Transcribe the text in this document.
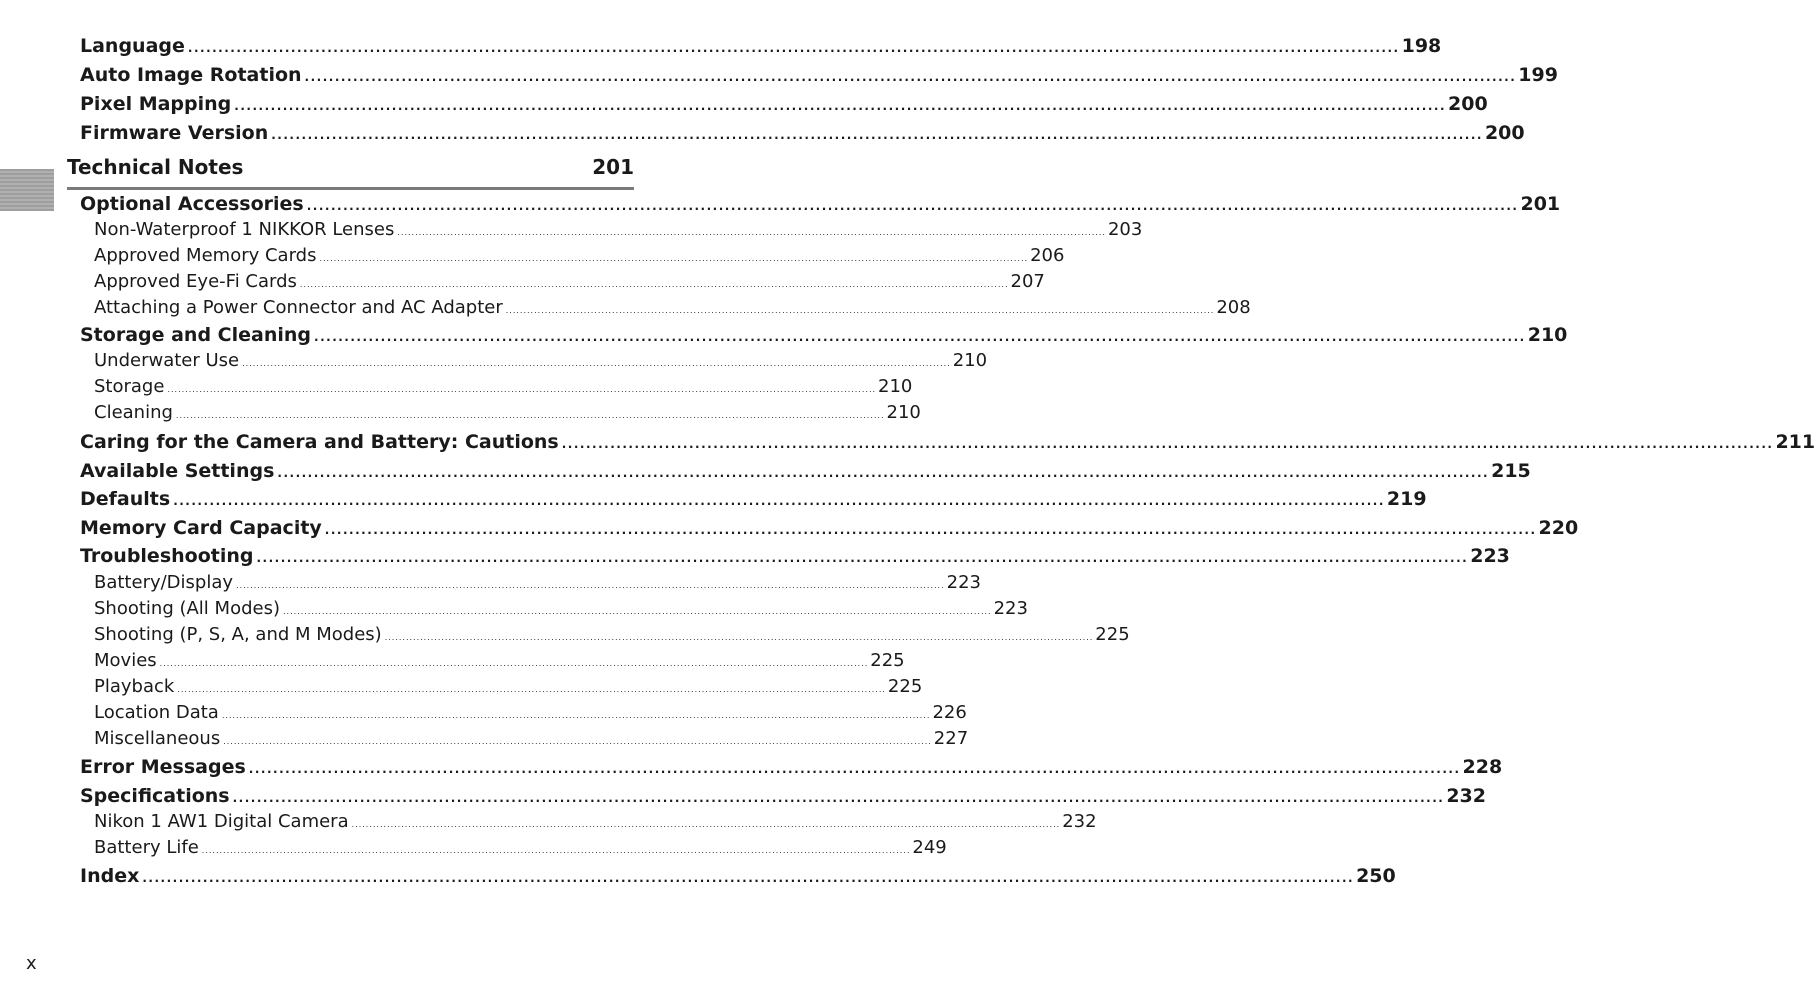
Technical Notes	201
Language ........................................................................................................................................................................................................ 198
Auto Image Rotation ........................................................................................................................................................................................................ 199
Pixel Mapping ........................................................................................................................................................................................................ 200
Firmware Version ........................................................................................................................................................................................................ 200
Optional Accessories ........................................................................................................................................................................................................ 201
Non-Waterproof 1 NIKKOR Lenses ........................................................................................................................................................................................................ 203
Approved Memory Cards ........................................................................................................................................................................................................ 206
Approved Eye-Fi Cards ........................................................................................................................................................................................................ 207
Attaching a Power Connector and AC Adapter ........................................................................................................................................................................................................ 208
Storage and Cleaning ........................................................................................................................................................................................................ 210
Underwater Use ........................................................................................................................................................................................................ 210
Storage ........................................................................................................................................................................................................ 210
Cleaning ........................................................................................................................................................................................................ 210
Caring for the Camera and Battery: Cautions ........................................................................................................................................................................................................ 211
Available Settings ........................................................................................................................................................................................................ 215
Defaults ........................................................................................................................................................................................................ 219
Memory Card Capacity ........................................................................................................................................................................................................ 220
Troubleshooting ........................................................................................................................................................................................................ 223
Battery/Display ........................................................................................................................................................................................................ 223
Shooting (All Modes) ........................................................................................................................................................................................................ 223
Shooting (P, S, A, and M Modes) ........................................................................................................................................................................................................ 225
Movies ........................................................................................................................................................................................................ 225
Playback ........................................................................................................................................................................................................ 225
Location Data ........................................................................................................................................................................................................ 226
Miscellaneous ........................................................................................................................................................................................................ 227
Error Messages ........................................................................................................................................................................................................ 228
Specifications ........................................................................................................................................................................................................ 232
Nikon 1 AW1 Digital Camera ........................................................................................................................................................................................................ 232
Battery Life ........................................................................................................................................................................................................ 249
Index ........................................................................................................................................................................................................ 250
x
